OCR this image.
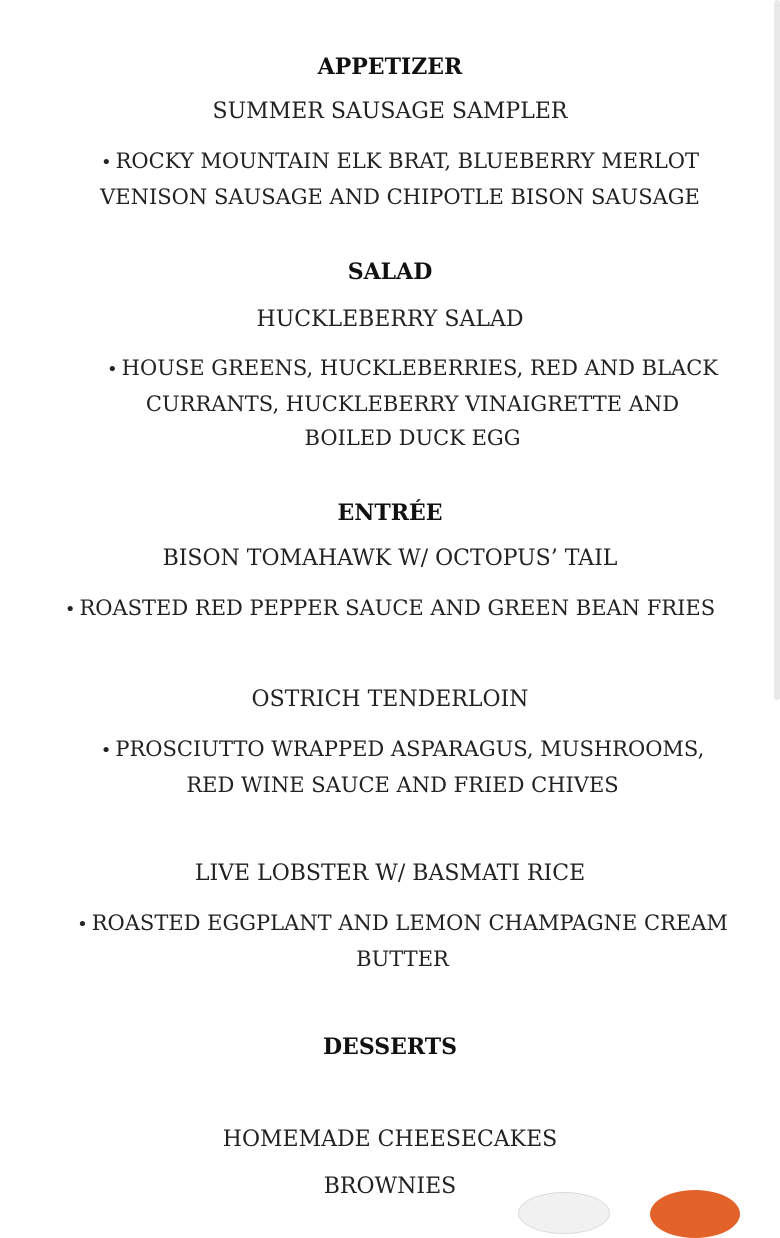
APPETIZER
SUMMER SAUSAGE SAMPLER
• ROCKY MOUNTAIN ELK BRAT, BLUEBERRY MERLOT VENISON SAUSAGE AND CHIPOTLE BISON SAUSAGE
SALAD
HUCKLEBERRY SALAD
• HOUSE GREENS, HUCKLEBERRIES, RED AND BLACK CURRANTS, HUCKLEBERRY VINAIGRETTE AND BOILED DUCK EGG
ENTRÉE
BISON TOMAHAWK W/ OCTOPUS’ TAIL
• ROASTED RED PEPPER SAUCE AND GREEN BEAN FRIES
OSTRICH TENDERLOIN
• PROSCIUTTO WRAPPED ASPARAGUS, MUSHROOMS, RED WINE SAUCE AND FRIED CHIVES
LIVE LOBSTER W/ BASMATI RICE
• ROASTED EGGPLANT AND LEMON CHAMPAGNE CREAM BUTTER
DESSERTS
HOMEMADE CHEESECAKES
BROWNIES
